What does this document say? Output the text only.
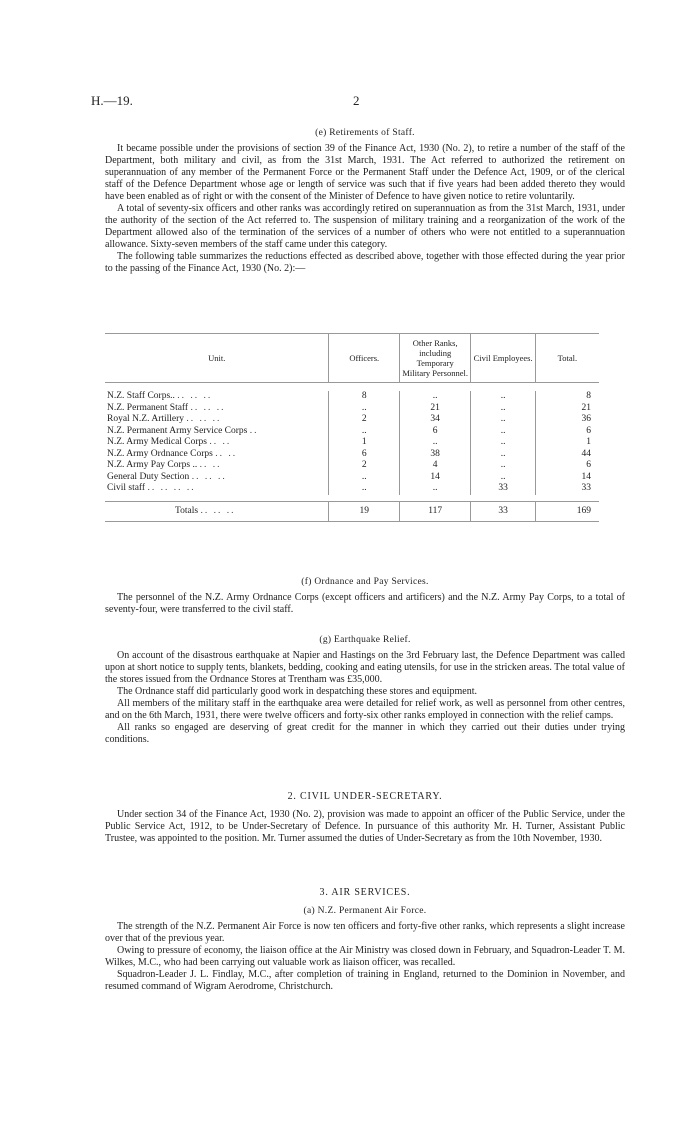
H.—19.	2
(e) Retirements of Staff.

It became possible under the provisions of section 39 of the Finance Act, 1930 (No. 2), to retire a number of the staff of the Department, both military and civil, as from the 31st March, 1931. The Act referred to authorized the retirement on superannuation of any member of the Permanent Force or the Permanent Staff under the Defence Act, 1909, or of the clerical staff of the Defence Department whose age or length of service was such that if five years had been added thereto they would have been enabled as of right or with the consent of the Minister of Defence to have given notice to retire voluntarily.

A total of seventy-six officers and other ranks was accordingly retired on superannuation as from the 31st March, 1931, under the authority of the section of the Act referred to. The suspension of military training and a reorganization of the work of the Department allowed also of the termination of the services of a number of others who were not entitled to a superannuation allowance. Sixty-seven members of the staff came under this category.

The following table summarizes the reductions effected as described above, together with those effected during the year prior to the passing of the Finance Act, 1930 (No. 2):—

Unit.	Officers.	Other Ranks, including Temporary Military Personnel.	Civil Employees.	Total.

N.Z. Staff Corps.. .. .. ..	8	..	..	8
N.Z. Permanent Staff .. .. ..	..	21	..	21
Royal N.Z. Artillery .. .. ..	2	34	..	36
N.Z. Permanent Army Service Corps ..	..	6	..	6
N.Z. Army Medical Corps .. ..	1	..	..	1
N.Z. Army Ordnance Corps .. ..	6	38	..	44
N.Z. Army Pay Corps .. .. ..	2	4	..	6
General Duty Section .. .. ..	..	14	..	14
Civil staff .. .. .. ..	..	..	33	33

Totals .. .. ..	19	117	33	169
(f) Ordnance and Pay Services.

The personnel of the N.Z. Army Ordnance Corps (except officers and artificers) and the N.Z. Army Pay Corps, to a total of seventy-four, were transferred to the civil staff.

(g) Earthquake Relief.

On account of the disastrous earthquake at Napier and Hastings on the 3rd February last, the Defence Department was called upon at short notice to supply tents, blankets, bedding, cooking and eating utensils, for use in the stricken areas. The total value of the stores issued from the Ordnance Stores at Trentham was £35,000.

The Ordnance staff did particularly good work in despatching these stores and equipment.

All members of the military staff in the earthquake area were detailed for relief work, as well as personnel from other centres, and on the 6th March, 1931, there were twelve officers and forty-six other ranks employed in connection with the relief camps.

All ranks so engaged are deserving of great credit for the manner in which they carried out their duties under trying conditions.

2. CIVIL UNDER-SECRETARY.

Under section 34 of the Finance Act, 1930 (No. 2), provision was made to appoint an officer of the Public Service, under the Public Service Act, 1912, to be Under-Secretary of Defence. In pursuance of this authority Mr. H. Turner, Assistant Public Trustee, was appointed to the position. Mr. Turner assumed the duties of Under-Secretary as from the 10th November, 1930.

3. AIR SERVICES.
(a) N.Z. Permanent Air Force.

The strength of the N.Z. Permanent Air Force is now ten officers and forty-five other ranks, which represents a slight increase over that of the previous year.

Owing to pressure of economy, the liaison office at the Air Ministry was closed down in February, and Squadron-Leader T. M. Wilkes, M.C., who had been carrying out valuable work as liaison officer, was recalled.

Squadron-Leader J. L. Findlay, M.C., after completion of training in England, returned to the Dominion in November, and resumed command of Wigram Aerodrome, Christchurch.
